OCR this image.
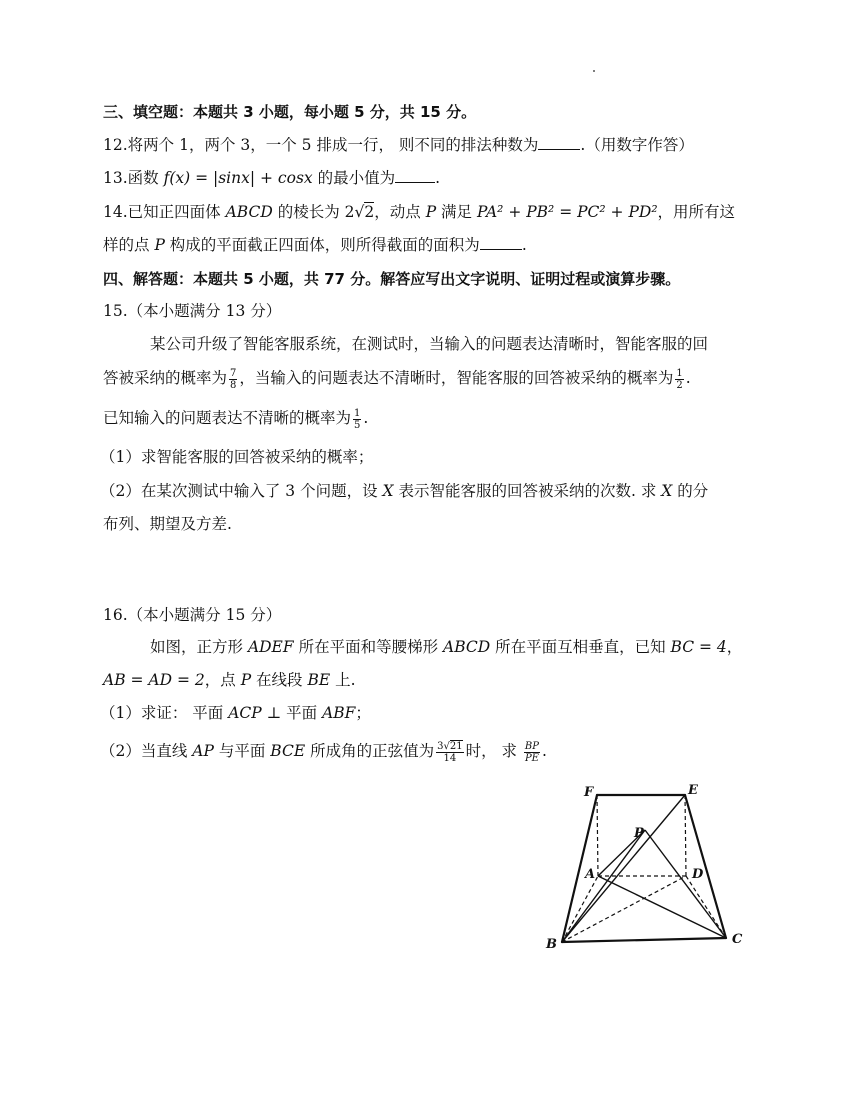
三、填空题：本题共 3 小题，每小题 5 分，共 15 分。
12.将两个 1，两个 3，一个 5 排成一行， 则不同的排法种数为	.（用数字作答）
13.函数 f(x) = |sinx| + cosx 的最小值为	.
14.已知正四面体 ABCD 的棱长为 2√2，动点 P 满足 PA² + PB² = PC² + PD²，用所有这
样的点 P 构成的平面截正四面体，则所得截面的面积为	.
四、解答题：本题共 5 小题，共 77 分。解答应写出文字说明、证明过程或演算步骤。
15.（本小题满分 13 分）
某公司升级了智能客服系统，在测试时，当输入的问题表达清晰时，智能客服的回
答被采纳的概率为 $\frac{7}{8}$ ，当输入的问题表达不清晰时，智能客服的回答被采纳的概率为 $\frac{1}{2}$ .
已知输入的问题表达不清晰的概率为 $\frac{1}{5}$ .
（1）求智能客服的回答被采纳的概率；
（2）在某次测试中输入了 3 个问题，设 X 表示智能客服的回答被采纳的次数. 求 X 的分
布列、期望及方差.
16.（本小题满分 15 分）
如图，正方形 ADEF 所在平面和等腰梯形 ABCD 所在平面互相垂直，已知 BC = 4，
AB = AD = 2，点 P 在线段 BE 上.
（1）求证： 平面 ACP ⊥ 平面 ABF；
（2）当直线 AP 与平面 BCE 所成角的正弦值为 $\frac{3√21}{14}$ 时， 求 $\frac{BP}{PE}$ .
F	E
P
A	D
B	C
